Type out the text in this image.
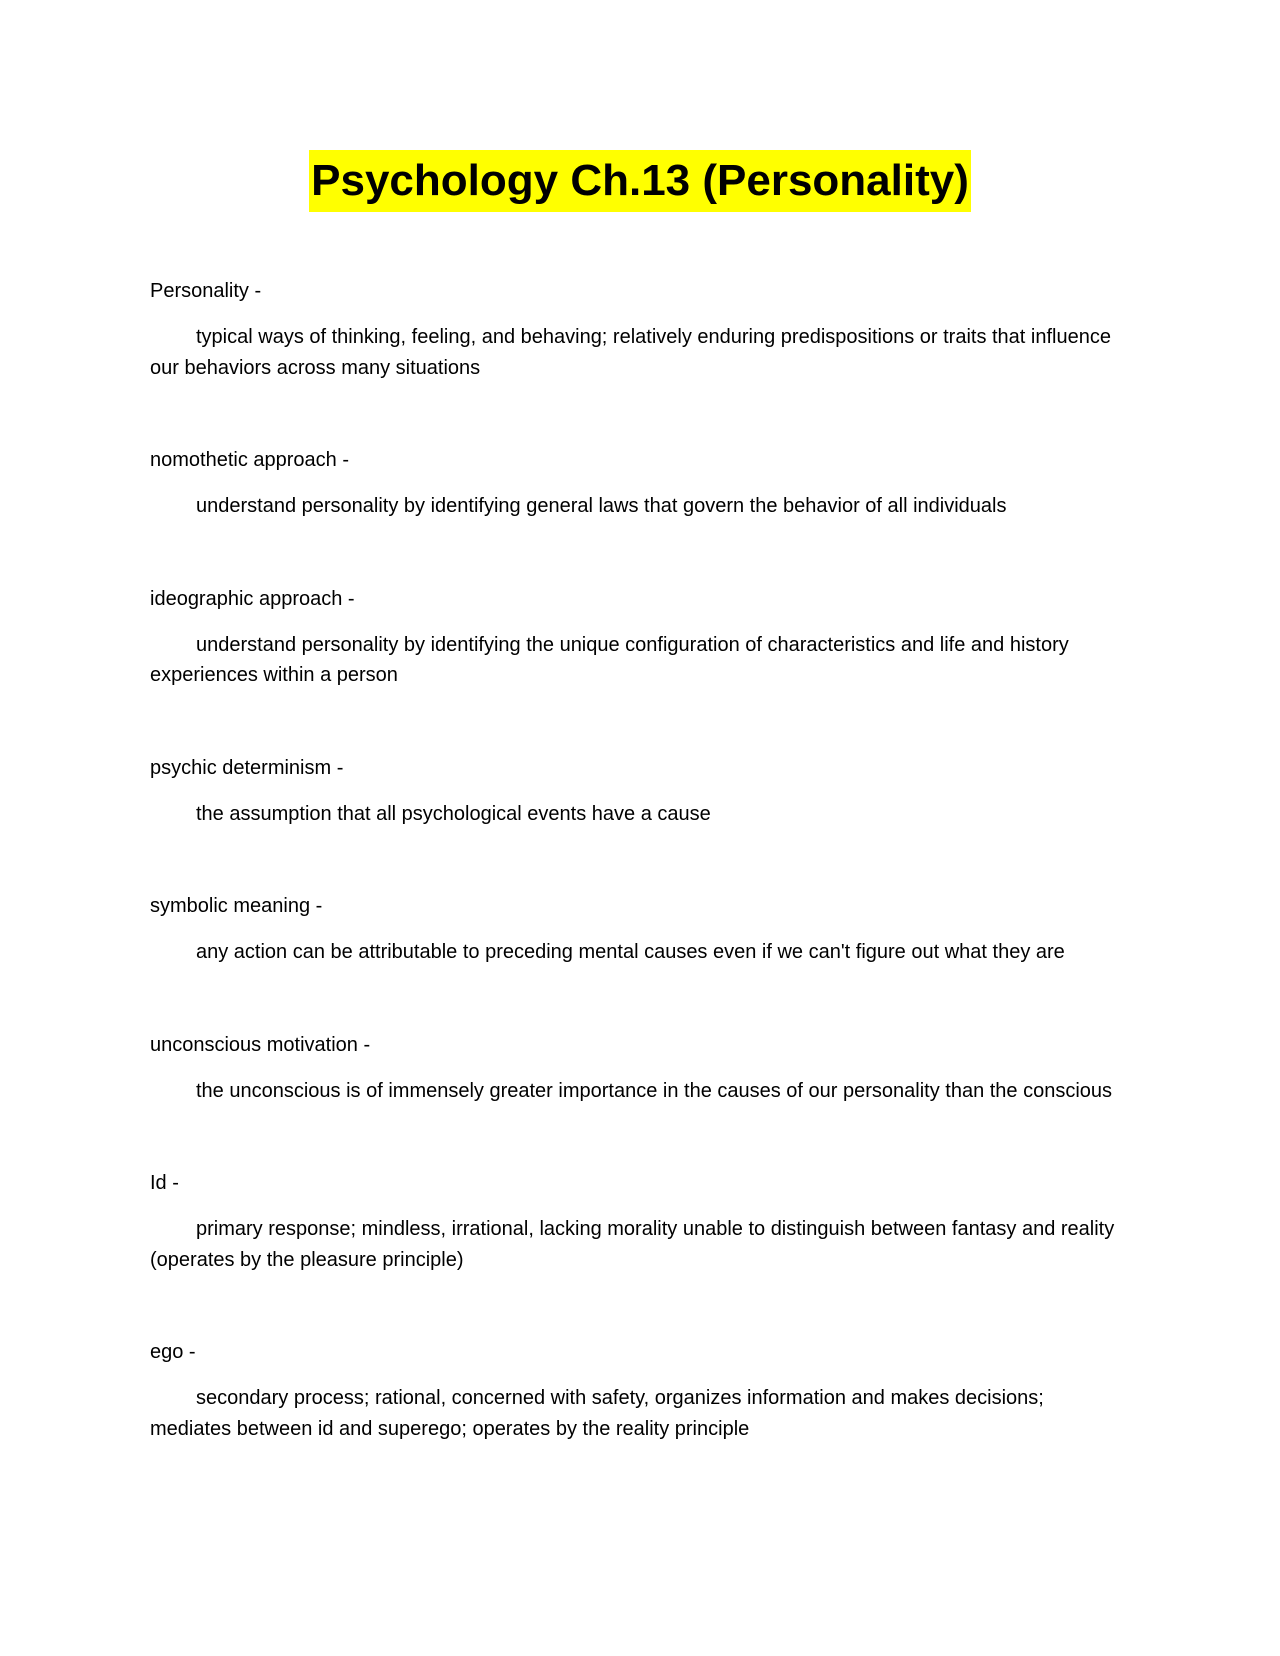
Psychology Ch.13 (Personality)
Personality -

typical ways of thinking, feeling, and behaving; relatively enduring predispositions or traits that influence our behaviors across many situations

nomothetic approach -

understand personality by identifying general laws that govern the behavior of all individuals

ideographic approach -

understand personality by identifying the unique configuration of characteristics and life and history experiences within a person

psychic determinism -

the assumption that all psychological events have a cause

symbolic meaning -

any action can be attributable to preceding mental causes even if we can't figure out what they are

unconscious motivation -

the unconscious is of immensely greater importance in the causes of our personality than the conscious

Id -

primary response; mindless, irrational, lacking morality unable to distinguish between fantasy and reality (operates by the pleasure principle)

ego -

secondary process; rational, concerned with safety, organizes information and makes decisions; mediates between id and superego; operates by the reality principle
